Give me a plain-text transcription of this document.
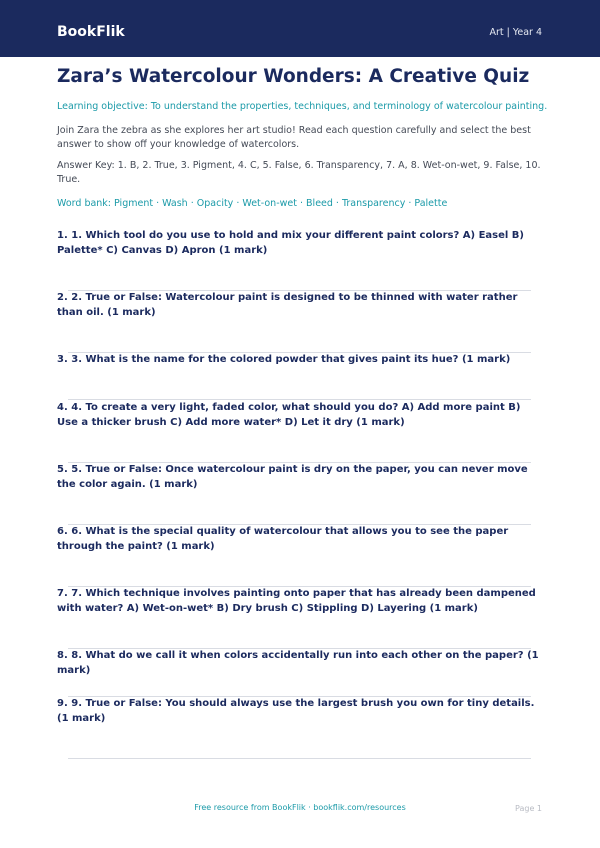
BookFlik	Art | Year 4
Zara’s Watercolour Wonders: A Creative Quiz

Learning objective: To understand the properties, techniques, and terminology of watercolour painting.

Join Zara the zebra as she explores her art studio! Read each question carefully and select the best answer to show off your knowledge of watercolors.

Answer Key: 1. B, 2. True, 3. Pigment, 4. C, 5. False, 6. Transparency, 7. A, 8. Wet-on-wet, 9. False, 10. True.

Word bank: Pigment · Wash · Opacity · Wet-on-wet · Bleed · Transparency · Palette

1. 1. Which tool do you use to hold and mix your different paint colors? A) Easel B) Palette* C) Canvas D) Apron (1 mark)

2. 2. True or False: Watercolour paint is designed to be thinned with water rather than oil. (1 mark)

3. 3. What is the name for the colored powder that gives paint its hue? (1 mark)

4. 4. To create a very light, faded color, what should you do? A) Add more paint B) Use a thicker brush C) Add more water* D) Let it dry (1 mark)

5. 5. True or False: Once watercolour paint is dry on the paper, you can never move the color again. (1 mark)

6. 6. What is the special quality of watercolour that allows you to see the paper through the paint? (1 mark)

7. 7. Which technique involves painting onto paper that has already been dampened with water? A) Wet-on-wet* B) Dry brush C) Stippling D) Layering (1 mark)

8. 8. What do we call it when colors accidentally run into each other on the paper? (1 mark)

9. 9. True or False: You should always use the largest brush you own for tiny details. (1 mark)

Free resource from BookFlik · bookflik.com/resources	Page 1
